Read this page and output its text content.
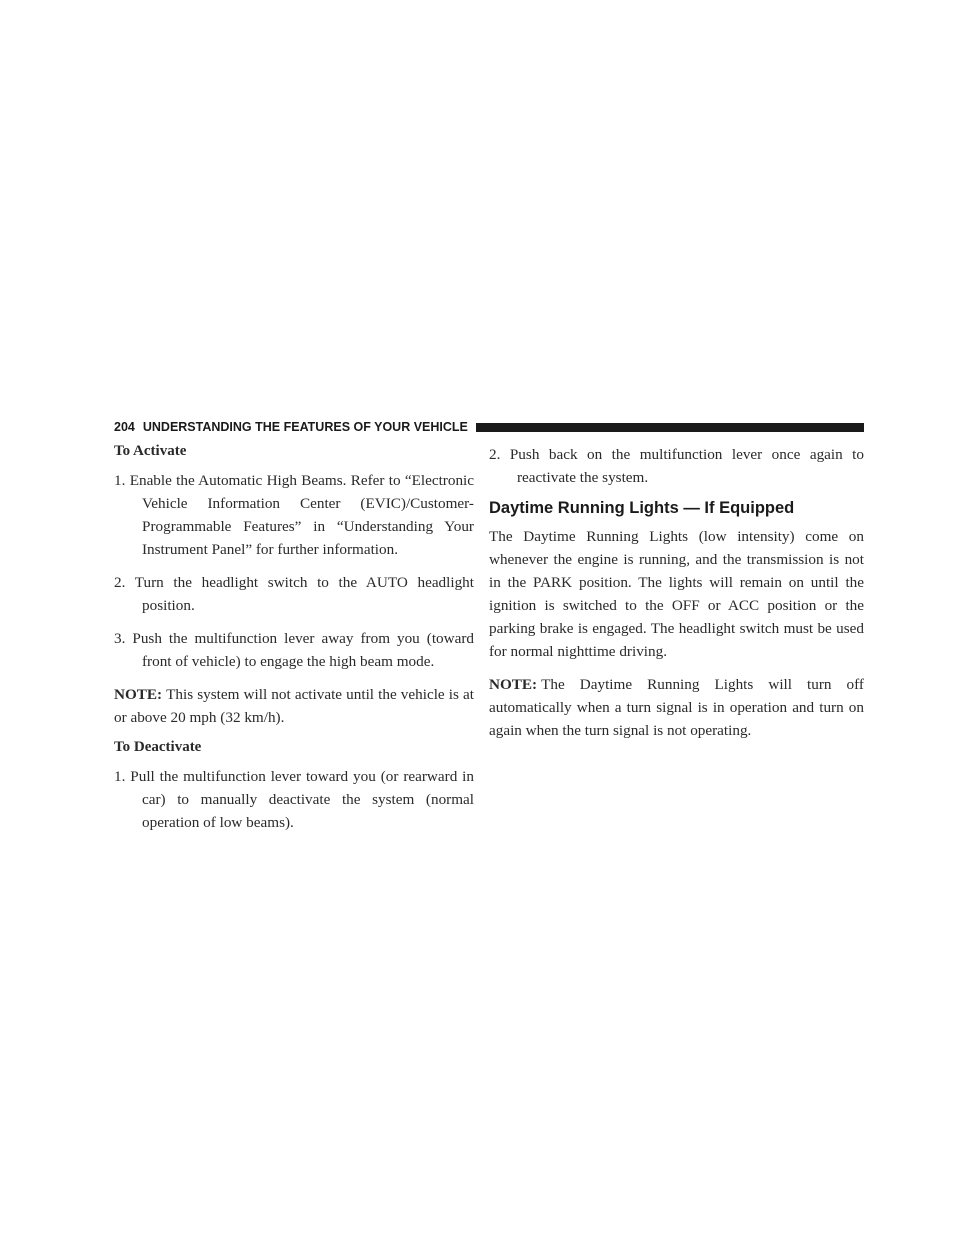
204 UNDERSTANDING THE FEATURES OF YOUR VEHICLE
To Activate
1. Enable the Automatic High Beams. Refer to “Electronic Vehicle Information Center (EVIC)/Customer-Programmable Features” in “Understanding Your Instrument Panel” for further information.
2. Turn the headlight switch to the AUTO headlight position.
3. Push the multifunction lever away from you (toward front of vehicle) to engage the high beam mode.

NOTE: This system will not activate until the vehicle is at or above 20 mph (32 km/h).

To Deactivate
1. Pull the multifunction lever toward you (or rearward in car) to manually deactivate the system (normal operation of low beams).
2. Push back on the multifunction lever once again to reactivate the system.
Daytime Running Lights — If Equipped

The Daytime Running Lights (low intensity) come on whenever the engine is running, and the transmission is not in the PARK position. The lights will remain on until the ignition is switched to the OFF or ACC position or the parking brake is engaged. The headlight switch must be used for normal nighttime driving.

NOTE: The Daytime Running Lights will turn off automatically when a turn signal is in operation and turn on again when the turn signal is not operating.
